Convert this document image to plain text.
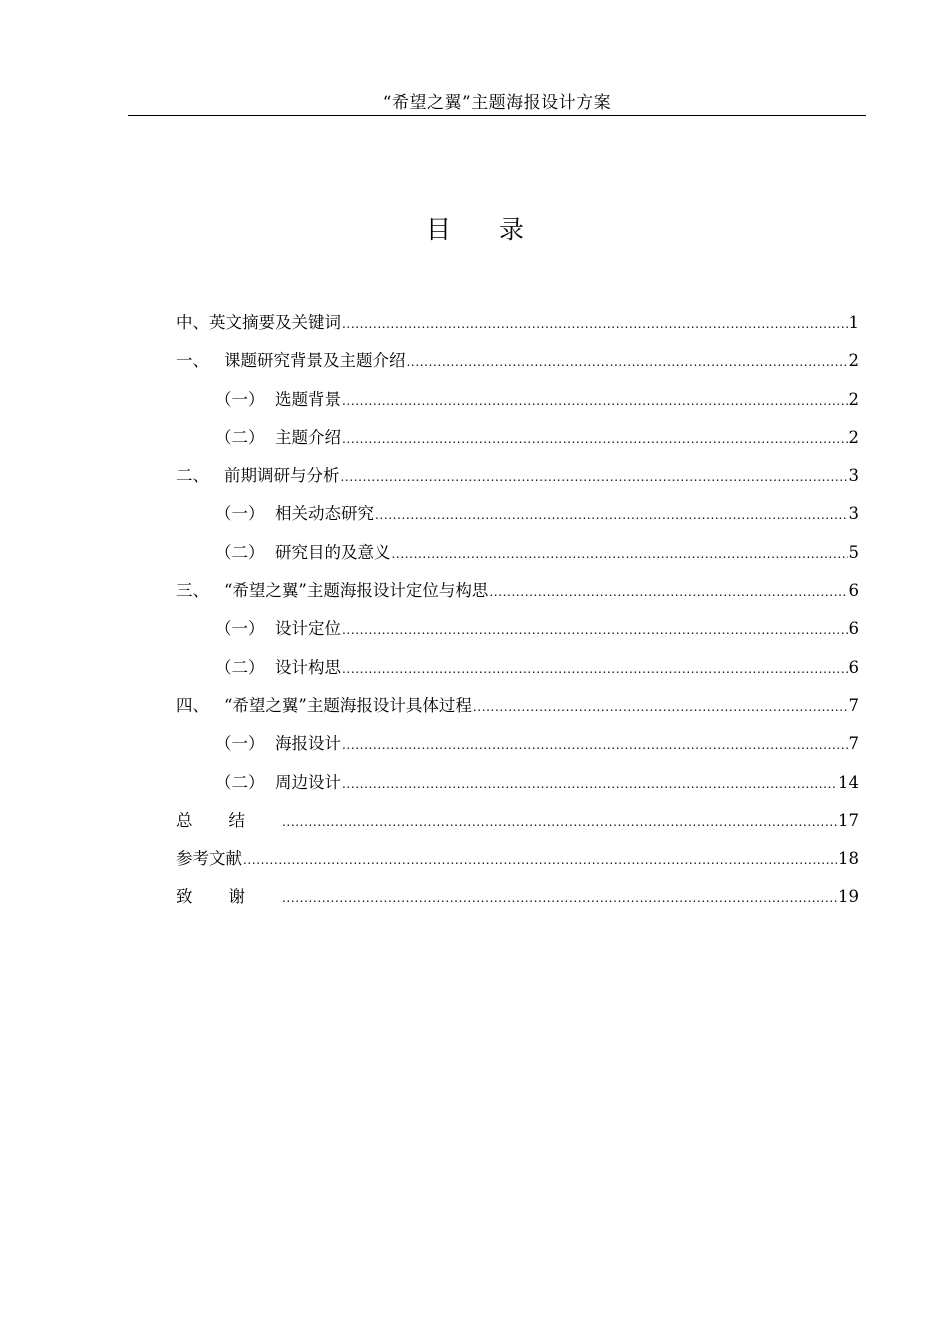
“希望之翼”主题海报设计方案
目 录
中、英文摘要及关键词 .....	1
一、 课题研究背景及主题介绍 .....	2
（一） 选题背景 .....	2
（二） 主题介绍 .....	2
二、 前期调研与分析 .....	3
（一） 相关动态研究 .....	3
（二） 研究目的及意义 .....	5
三、 “希望之翼”主题海报设计定位与构思 .....	6
（一） 设计定位 .....	6
（二） 设计构思 .....	6
四、 “希望之翼”主题海报设计具体过程 .....	7
（一） 海报设计 .....	7
（二） 周边设计 .....	14
总结 .....	17
参考文献 .....	18
致谢 .....	19
